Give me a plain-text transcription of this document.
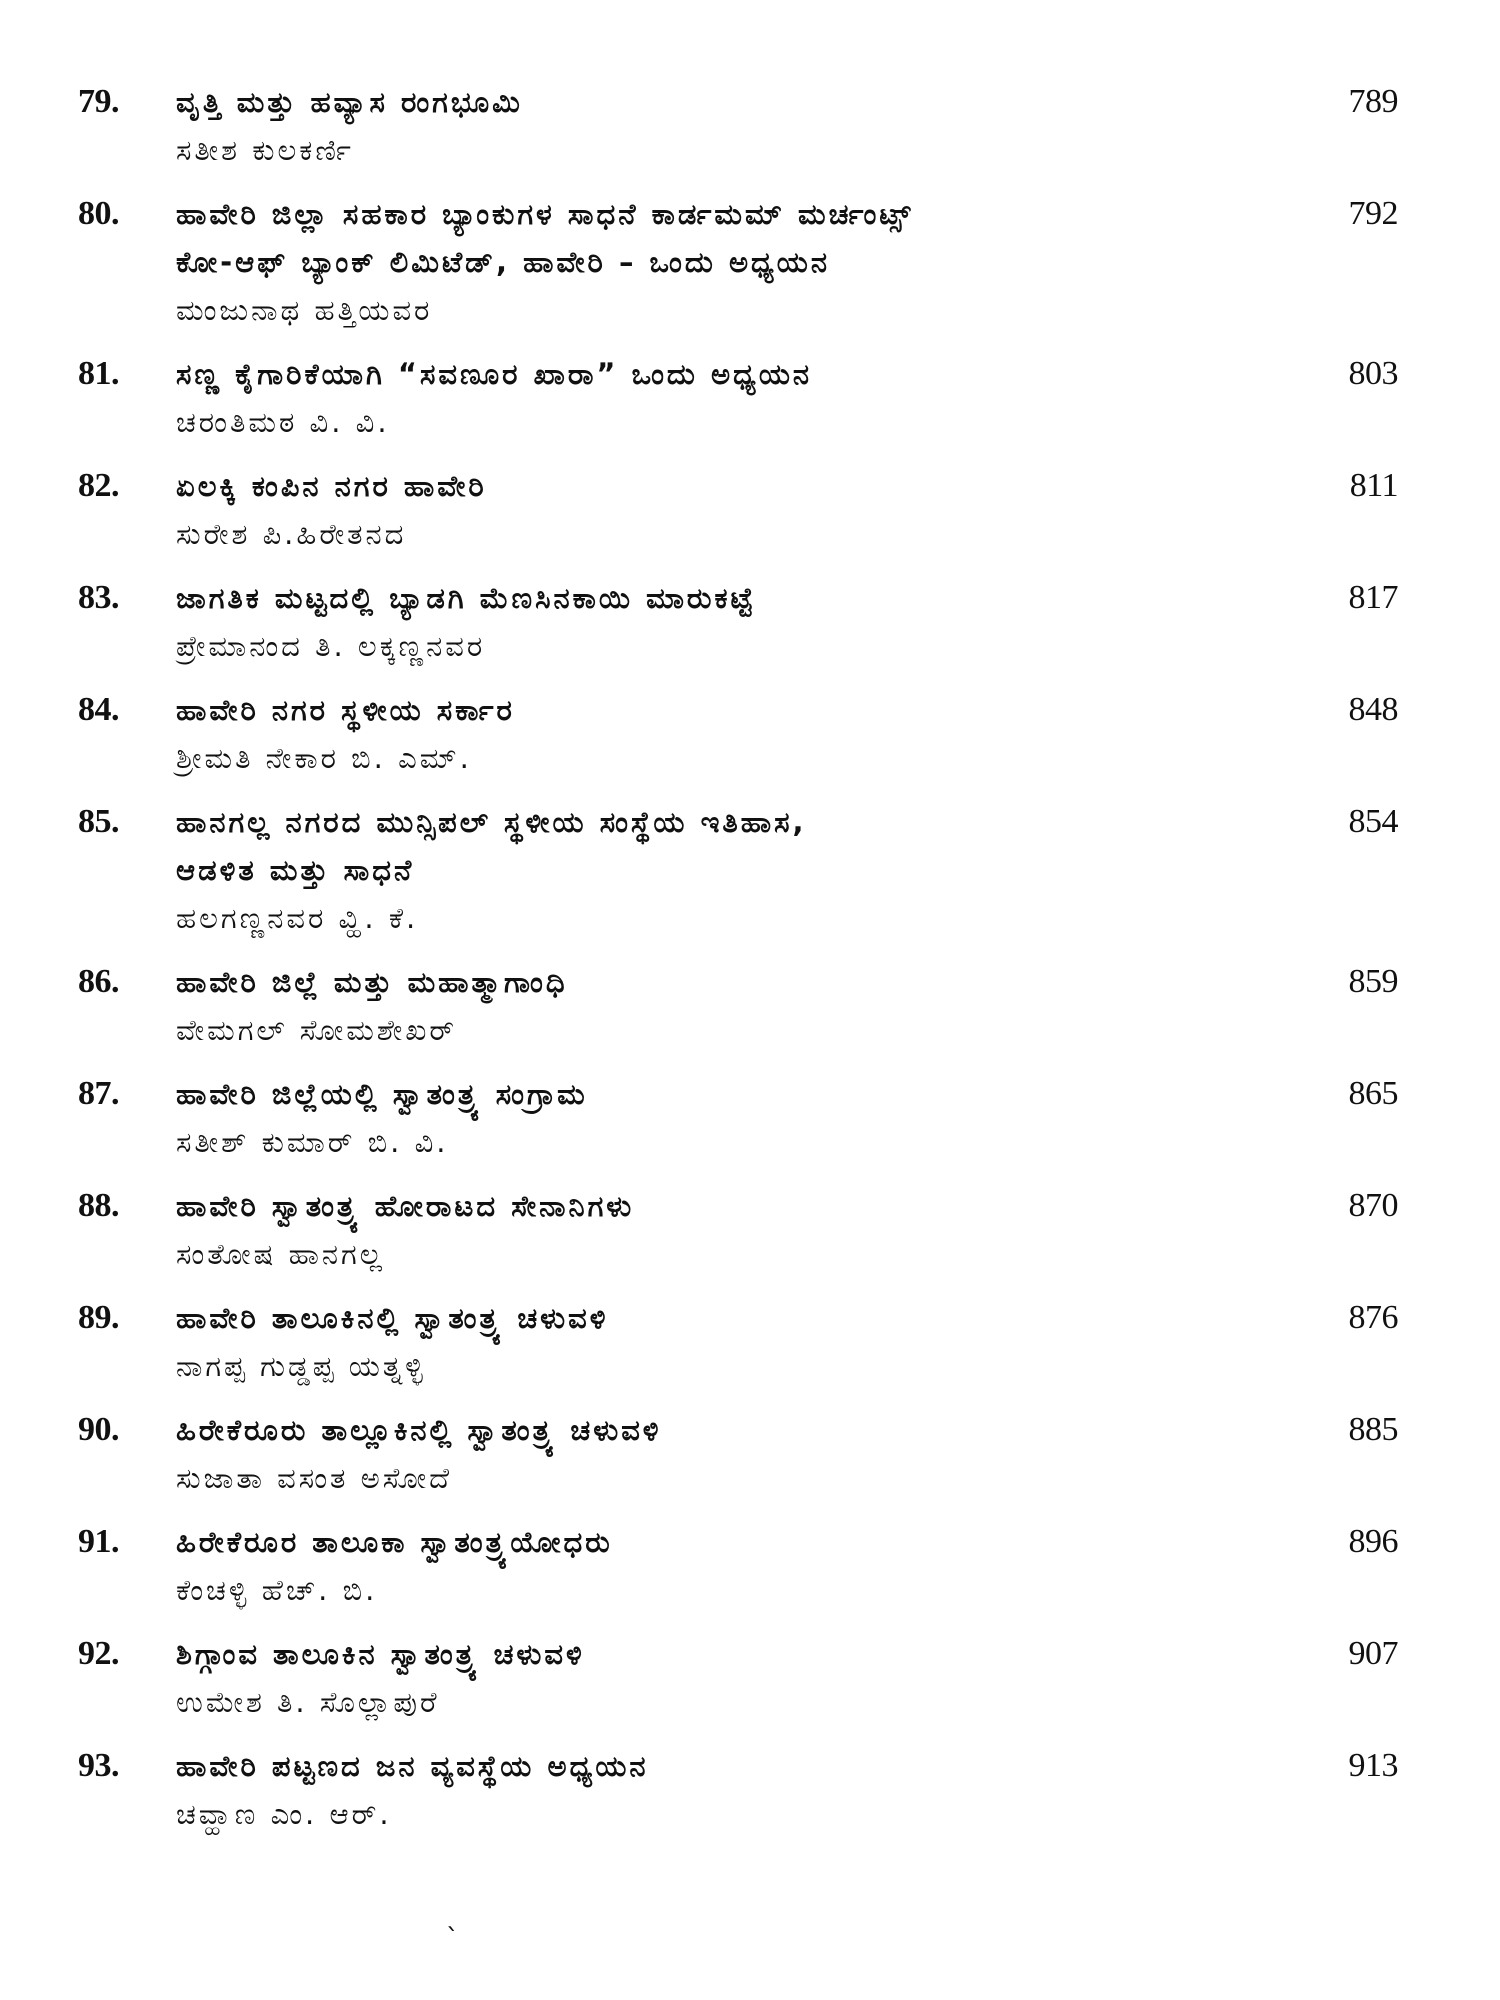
79. ವೃತ್ತಿ ಮತ್ತು ಹವ್ಯಾಸ ರಂಗಭೂಮಿ
ಸತೀಶ ಕುಲಕರ್ಣಿ
789
80. ಹಾವೇರಿ ಜಿಲ್ಲಾ ಸಹಕಾರ ಬ್ಯಾಂಕುಗಳ ಸಾಧನೆ ಕಾರ್ಡಮಮ್ ಮರ್ಚಂಟ್ಸ್
ಕೋ-ಆಫ್ ಬ್ಯಾಂಕ್ ಲಿಮಿಟೆಡ್, ಹಾವೇರಿ – ಒಂದು ಅಧ್ಯಯನ
ಮಂಜುನಾಥ ಹತ್ತಿಯವರ
792
81. ಸಣ್ಣ ಕೈಗಾರಿಕೆಯಾಗಿ “ಸವಣೂರ ಖಾರಾ” ಒಂದು ಅಧ್ಯಯನ
ಚರಂತಿಮಠ ವಿ. ವಿ.
803
82. ಏಲಕ್ಕಿ ಕಂಪಿನ ನಗರ ಹಾವೇರಿ
ಸುರೇಶ ಪಿ.ಹಿರೇತನದ
811
83. ಜಾಗತಿಕ ಮಟ್ಟದಲ್ಲಿ ಬ್ಯಾಡಗಿ ಮೆಣಸಿನಕಾಯಿ ಮಾರುಕಟ್ಟೆ
ಪ್ರೇಮಾನಂದ ತಿ. ಲಕ್ಕಣ್ಣನವರ
817
84. ಹಾವೇರಿ ನಗರ ಸ್ಥಳೀಯ ಸರ್ಕಾರ
ಶ್ರೀಮತಿ ನೇಕಾರ ಬಿ. ಎಮ್.
848
85. ಹಾನಗಲ್ಲ ನಗರದ ಮುನ್ಸಿಪಲ್ ಸ್ಥಳೀಯ ಸಂಸ್ಥೆಯ ಇತಿಹಾಸ,
ಆಡಳಿತ ಮತ್ತು ಸಾಧನೆ
ಹಲಗಣ್ಣನವರ ವ್ಹಿ. ಕೆ.
854
86. ಹಾವೇರಿ ಜಿಲ್ಲೆ ಮತ್ತು ಮಹಾತ್ಮಾಗಾಂಧಿ
ವೇಮಗಲ್ ಸೋಮಶೇಖರ್
859
87. ಹಾವೇರಿ ಜಿಲ್ಲೆಯಲ್ಲಿ ಸ್ವಾತಂತ್ರ್ಯ ಸಂಗ್ರಾಮ
ಸತೀಶ್ ಕುಮಾರ್ ಬಿ. ವಿ.
865
88. ಹಾವೇರಿ ಸ್ವಾತಂತ್ರ್ಯ ಹೋರಾಟದ ಸೇನಾನಿಗಳು
ಸಂತೋಷ ಹಾನಗಲ್ಲ
870
89. ಹಾವೇರಿ ತಾಲೂಕಿನಲ್ಲಿ ಸ್ವಾತಂತ್ರ್ಯ ಚಳುವಳಿ
ನಾಗಪ್ಪ ಗುಡ್ಡಪ್ಪ ಯತ್ನಳ್ಳಿ
876
90. ಹಿರೇಕೆರೂರು ತಾಲ್ಲೂಕಿನಲ್ಲಿ ಸ್ವಾತಂತ್ರ್ಯ ಚಳುವಳಿ
ಸುಜಾತಾ ವಸಂತ ಅಸೋದೆ
885
91. ಹಿರೇಕೆರೂರ ತಾಲೂಕಾ ಸ್ವಾತಂತ್ರ್ಯಯೋಧರು
ಕೆಂಚಳ್ಳಿ ಹೆಚ್. ಬಿ.
896
92. ಶಿಗ್ಗಾಂವ ತಾಲೂಕಿನ ಸ್ವಾತಂತ್ರ್ಯ ಚಳುವಳಿ
ಉಮೇಶ ತಿ. ಸೊಲ್ಲಾಪುರೆ
907
93. ಹಾವೇರಿ ಪಟ್ಟಣದ ಜನ ವ್ಯವಸ್ಥೆಯ ಅಧ್ಯಯನ
ಚವ್ಹಾಣ ಎಂ. ಆರ್.
913
`
